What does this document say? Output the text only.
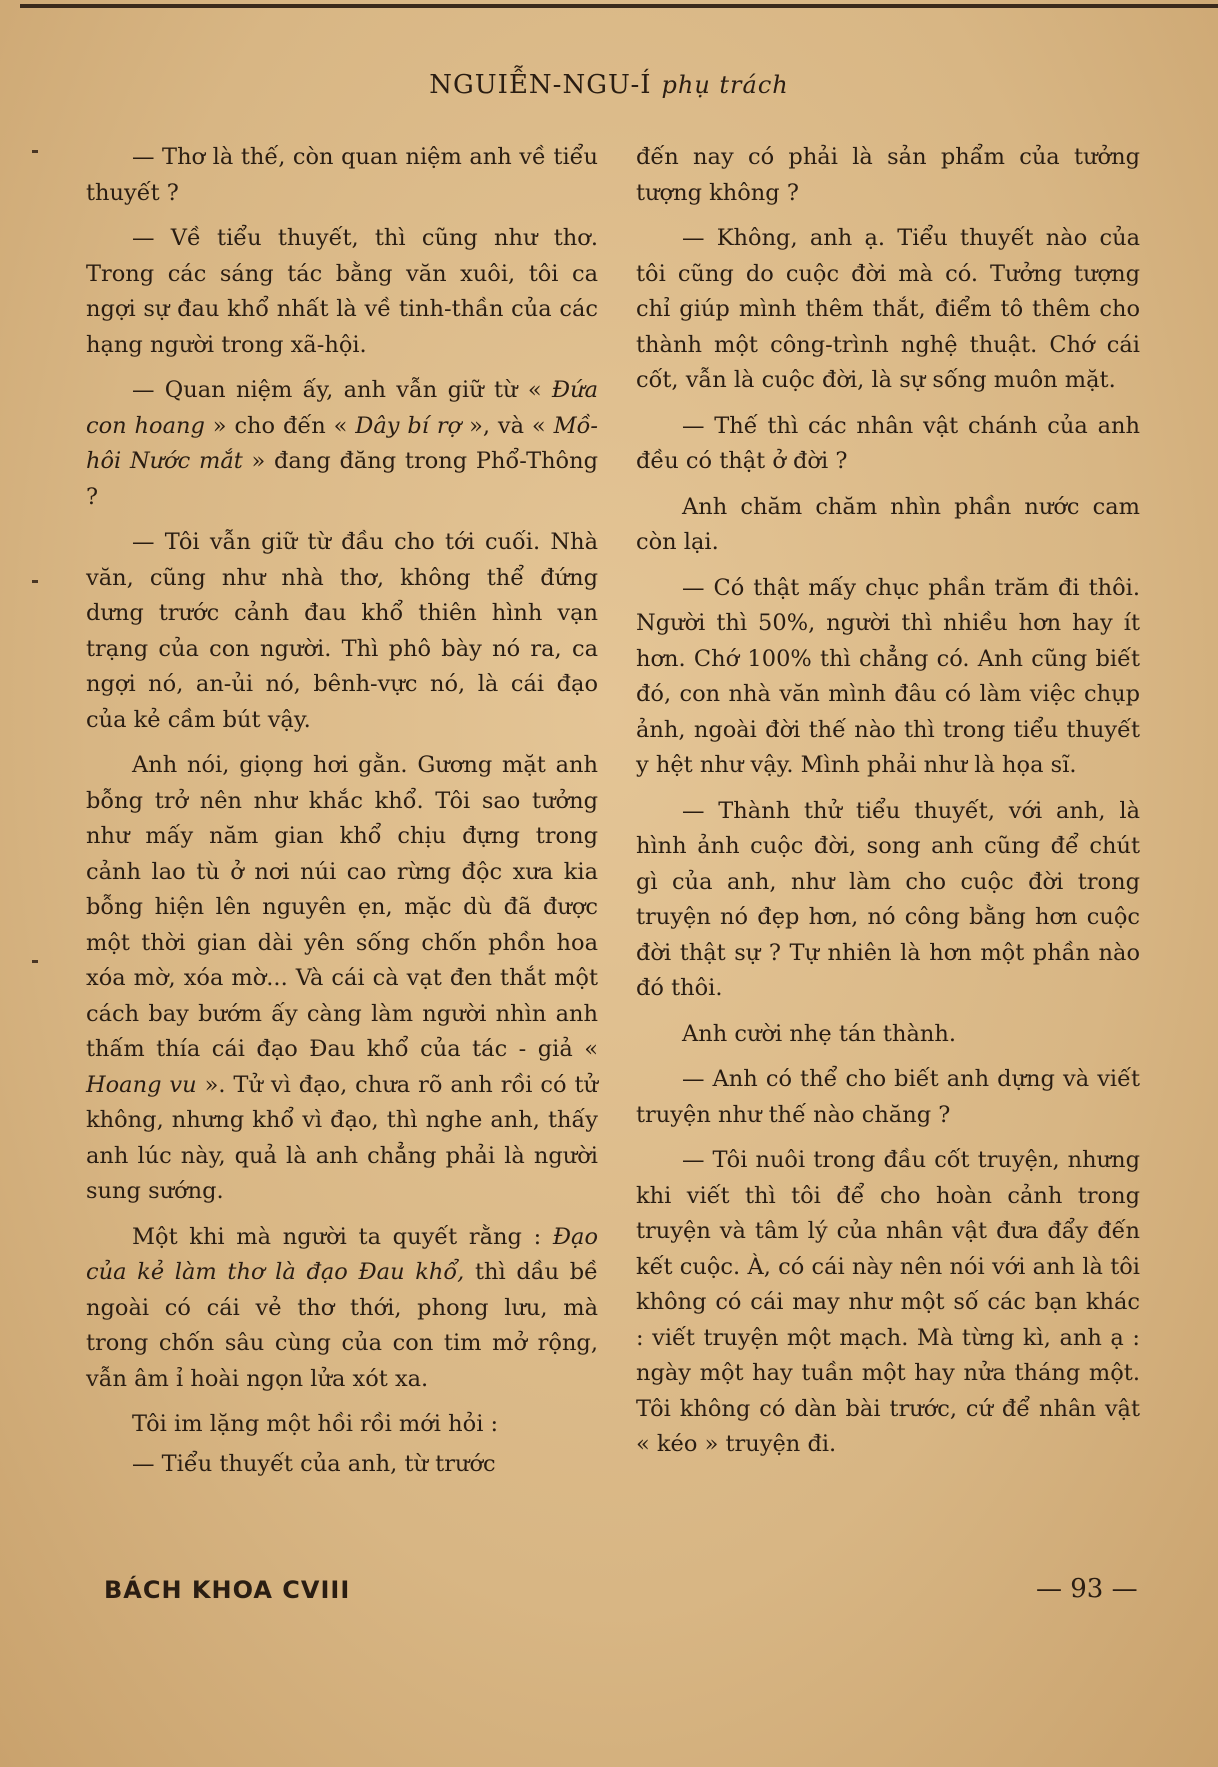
NGUIỄN-NGU-Í phụ trách

— Thơ là thế, còn quan niệm anh về tiểu thuyết ?

— Về tiểu thuyết, thì cũng như thơ. Trong các sáng tác bằng văn xuôi, tôi ca ngợi sự đau khổ nhất là về tinh-thần của các hạng người trong xã-hội.

— Quan niệm ấy, anh vẫn giữ từ « Đứa con hoang » cho đến « Dây bí rợ », và « Mồ-hôi Nước mắt » đang đăng trong Phổ-Thông ?

— Tôi vẫn giữ từ đầu cho tới cuối. Nhà văn, cũng như nhà thơ, không thể đứng dưng trước cảnh đau khổ thiên hình vạn trạng của con người. Thì phô bày nó ra, ca ngợi nó, an-ủi nó, bênh-vực nó, là cái đạo của kẻ cầm bút vậy.

Anh nói, giọng hơi gằn. Gương mặt anh bỗng trở nên như khắc khổ. Tôi sao tưởng như mấy năm gian khổ chịu đựng trong cảnh lao tù ở nơi núi cao rừng độc xưa kia bỗng hiện lên nguyên ẹn, mặc dù đã được một thời gian dài yên sống chốn phồn hoa xóa mờ, xóa mờ... Và cái cà vạt đen thắt một cách bay bướm ấy càng làm người nhìn anh thấm thía cái đạo Đau khổ của tác - giả « Hoang vu ». Tử vì đạo, chưa rõ anh rồi có tử không, nhưng khổ vì đạo, thì nghe anh, thấy anh lúc này, quả là anh chẳng phải là người sung sướng.

Một khi mà người ta quyết rằng : Đạo của kẻ làm thơ là đạo Đau khổ, thì dầu bề ngoài có cái vẻ thơ thới, phong lưu, mà trong chốn sâu cùng của con tim mở rộng, vẫn âm ỉ hoài ngọn lửa xót xa.

Tôi im lặng một hồi rồi mới hỏi :

— Tiểu thuyết của anh, từ trước

đến nay có phải là sản phẩm của tưởng tượng không ?

— Không, anh ạ. Tiểu thuyết nào của tôi cũng do cuộc đời mà có. Tưởng tượng chỉ giúp mình thêm thắt, điểm tô thêm cho thành một công-trình nghệ thuật. Chớ cái cốt, vẫn là cuộc đời, là sự sống muôn mặt.

— Thế thì các nhân vật chánh của anh đều có thật ở đời ?

Anh chăm chăm nhìn phần nước cam còn lại.

— Có thật mấy chục phần trăm đi thôi. Người thì 50%, người thì nhiều hơn hay ít hơn. Chớ 100% thì chẳng có. Anh cũng biết đó, con nhà văn mình đâu có làm việc chụp ảnh, ngoài đời thế nào thì trong tiểu thuyết y hệt như vậy. Mình phải như là họa sĩ.

— Thành thử tiểu thuyết, với anh, là hình ảnh cuộc đời, song anh cũng để chút gì của anh, như làm cho cuộc đời trong truyện nó đẹp hơn, nó công bằng hơn cuộc đời thật sự ? Tự nhiên là hơn một phần nào đó thôi.

Anh cười nhẹ tán thành.

— Anh có thể cho biết anh dựng và viết truyện như thế nào chăng ?

— Tôi nuôi trong đầu cốt truyện, nhưng khi viết thì tôi để cho hoàn cảnh trong truyện và tâm lý của nhân vật đưa đẩy đến kết cuộc. À, có cái này nên nói với anh là tôi không có cái may như một số các bạn khác : viết truyện một mạch. Mà từng kì, anh ạ : ngày một hay tuần một hay nửa tháng một. Tôi không có dàn bài trước, cứ để nhân vật « kéo » truyện đi.

BÁCH KHOA CVIII	— 93 —
